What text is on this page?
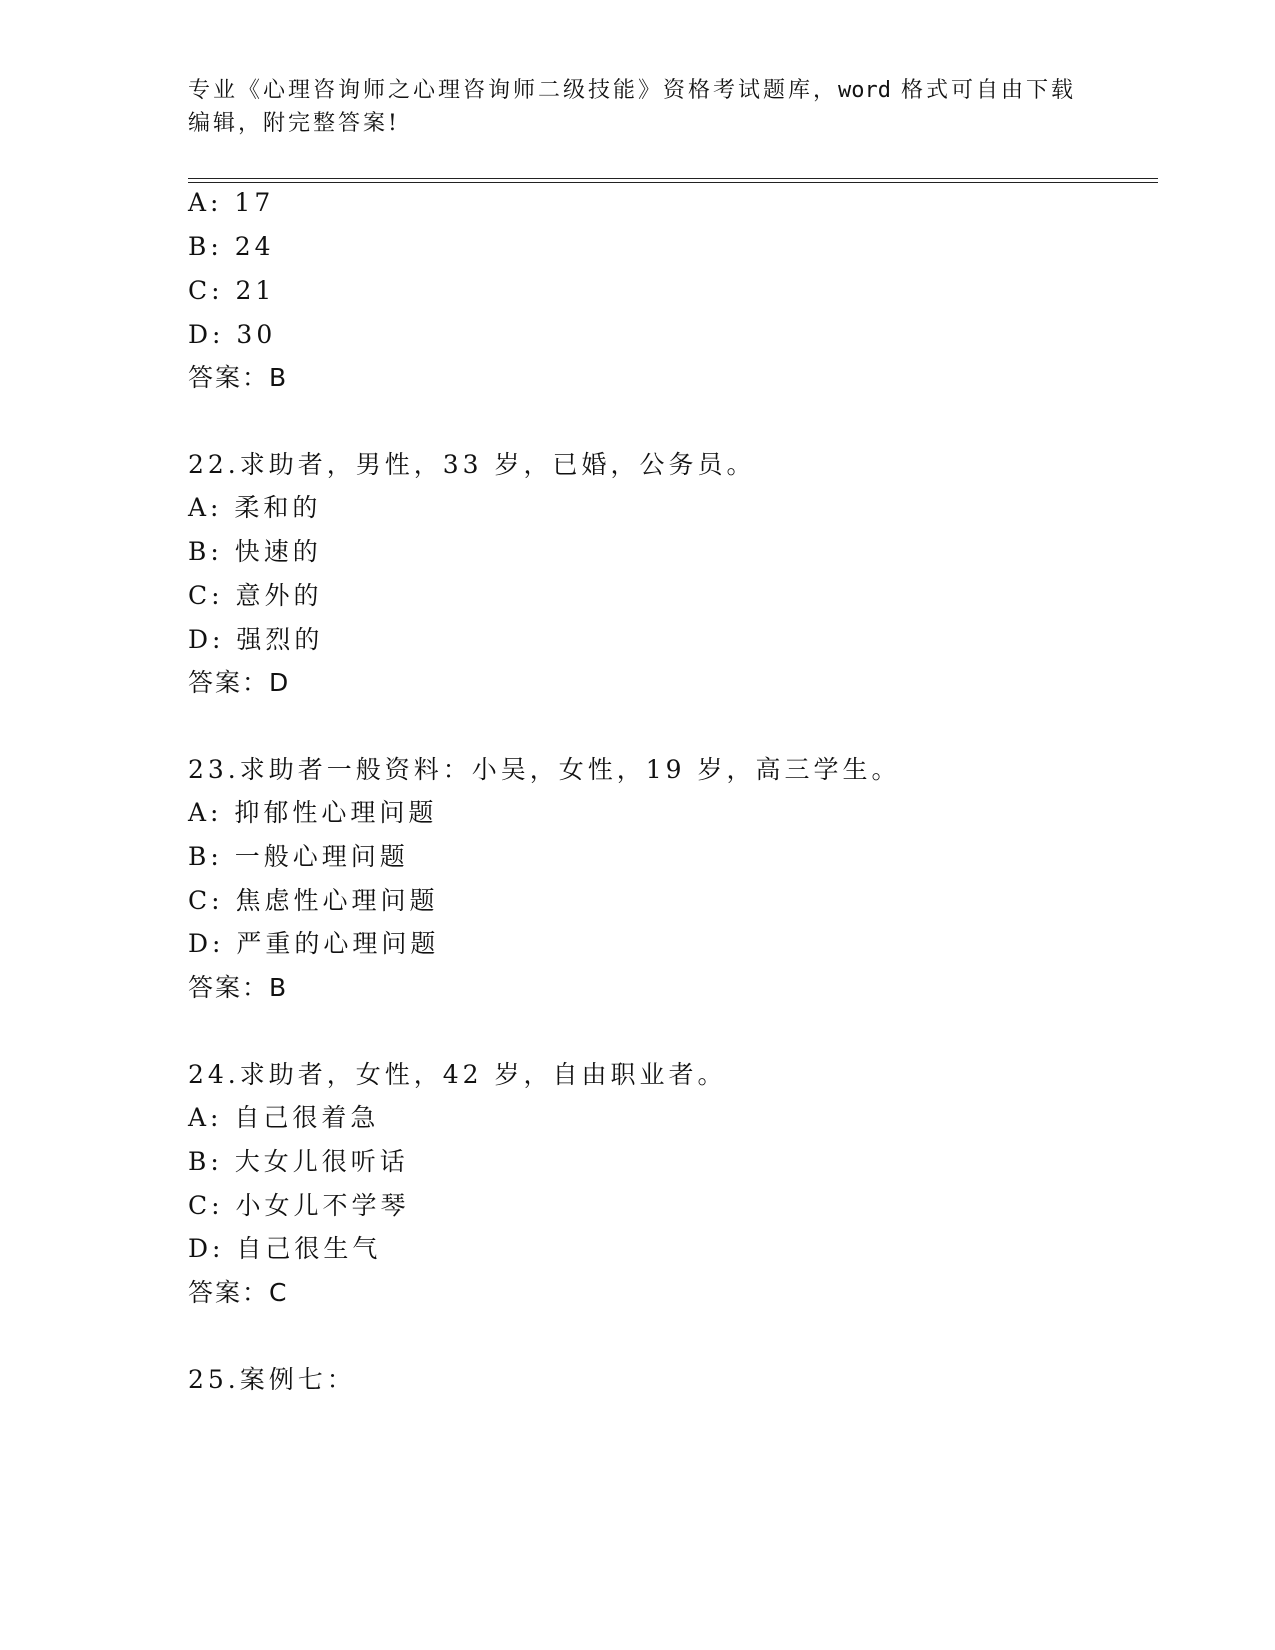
专业《心理咨询师之心理咨询师二级技能》资格考试题库，word 格式可自由下载
编辑，附完整答案!
A: 17
B: 24
C: 21
D: 30
答案：B
22.求助者，男性，33 岁，已婚，公务员。
A: 柔和的
B: 快速的
C: 意外的
D: 强烈的
答案：D
23.求助者一般资料：小吴，女性，19 岁，高三学生。
A: 抑郁性心理问题
B: 一般心理问题
C: 焦虑性心理问题
D: 严重的心理问题
答案：B
24.求助者，女性，42 岁，自由职业者。
A: 自己很着急
B: 大女儿很听话
C: 小女儿不学琴
D: 自己很生气
答案：C
25.案例七：
